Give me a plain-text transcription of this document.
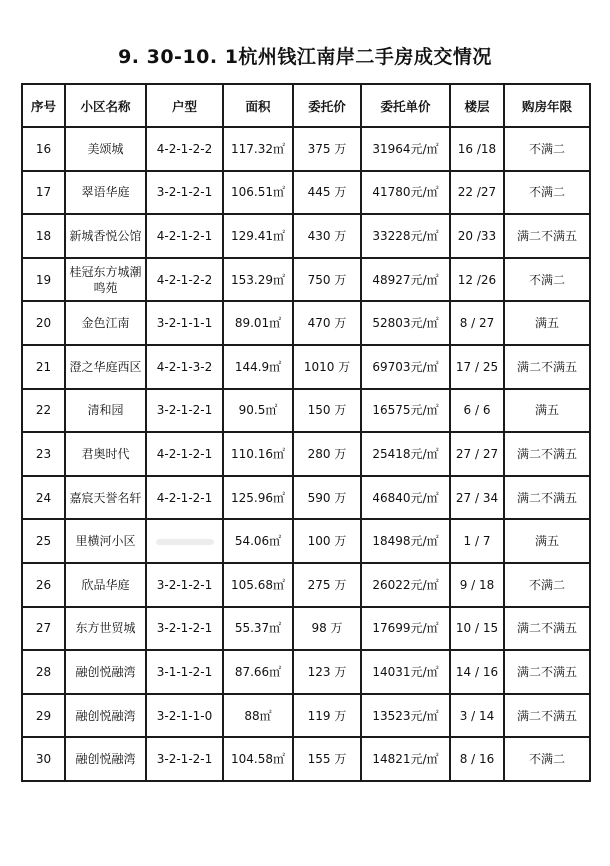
9. 30-10. 1杭州钱江南岸二手房成交情况
序号	小区名称	户型	面积	委托价	委托单价	楼层	购房年限
16	美颂城	4-2-1-2-2	117.32㎡	375 万	31964元/㎡	16 /18	不满二
17	翠语华庭	3-2-1-2-1	106.51㎡	445 万	41780元/㎡	22 /27	不满二
18	新城香悦公馆	4-2-1-2-1	129.41㎡	430 万	33228元/㎡	20 /33	满二不满五
19	桂冠东方城潮鸣苑	4-2-1-2-2	153.29㎡	750 万	48927元/㎡	12 /26	不满二
20	金色江南	3-2-1-1-1	89.01㎡	470 万	52803元/㎡	8 / 27	满五
21	澄之华庭西区	4-2-1-3-2	144.9㎡	1010 万	69703元/㎡	17 / 25	满二不满五
22	清和园	3-2-1-2-1	90.5㎡	150 万	16575元/㎡	6 / 6	满五
23	君奥时代	4-2-1-2-1	110.16㎡	280 万	25418元/㎡	27 / 27	满二不满五
24	嘉宸天誉名轩	4-2-1-2-1	125.96㎡	590 万	46840元/㎡	27 / 34	满二不满五
25	里横河小区		54.06㎡	100 万	18498元/㎡	1 / 7	满五
26	欣品华庭	3-2-1-2-1	105.68㎡	275 万	26022元/㎡	9 / 18	不满二
27	东方世贸城	3-2-1-2-1	55.37㎡	98 万	17699元/㎡	10 / 15	满二不满五
28	融创悦融湾	3-1-1-2-1	87.66㎡	123 万	14031元/㎡	14 / 16	满二不满五
29	融创悦融湾	3-2-1-1-0	88㎡	119 万	13523元/㎡	3 / 14	满二不满五
30	融创悦融湾	3-2-1-2-1	104.58㎡	155 万	14821元/㎡	8 / 16	不满二
